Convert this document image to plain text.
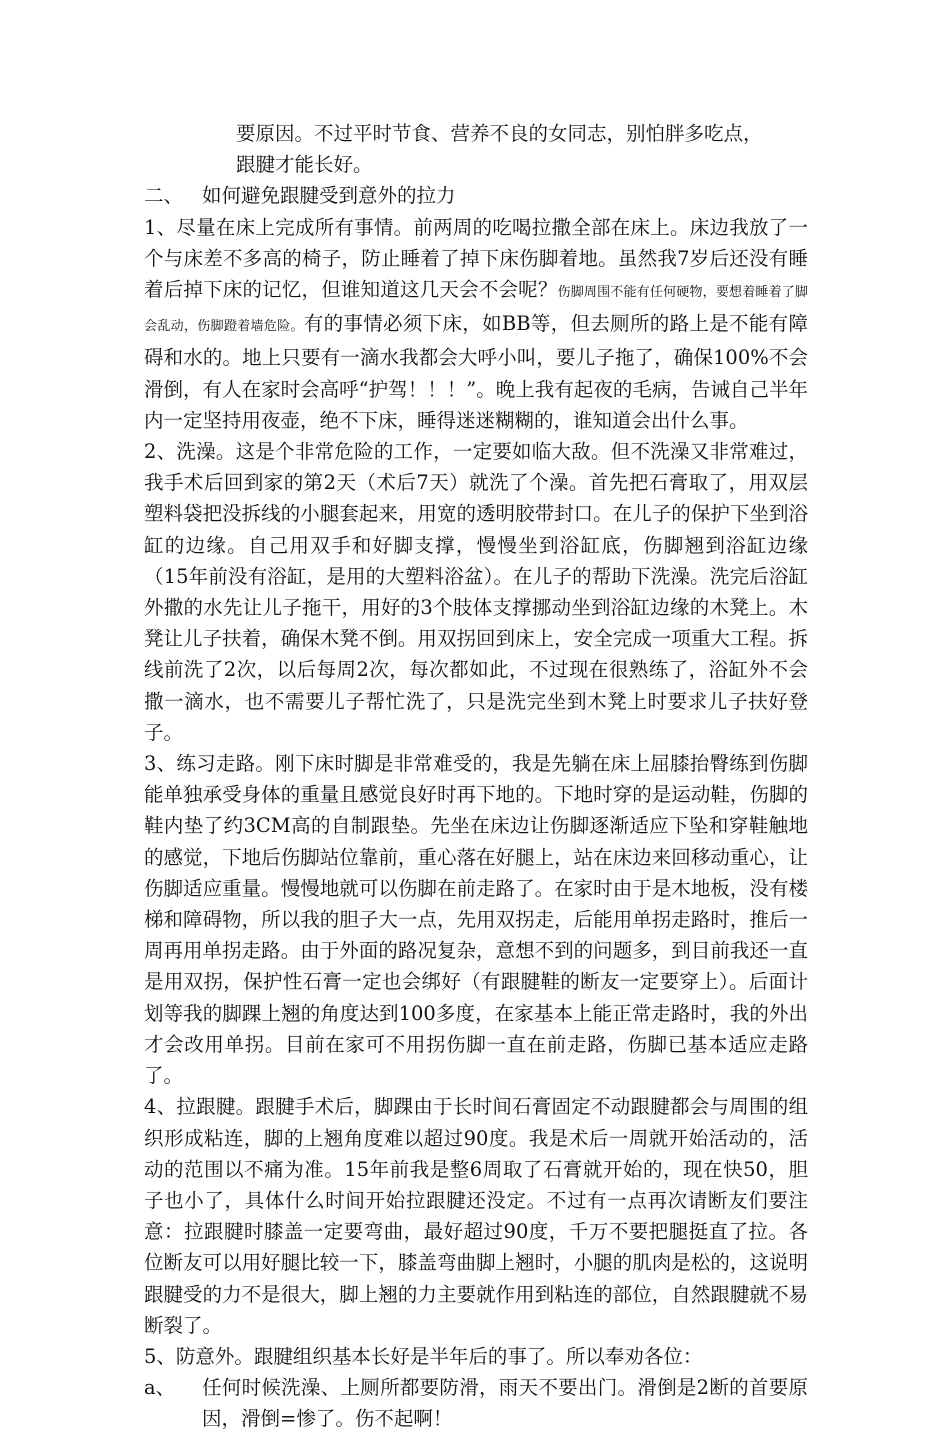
要原因。不过平时节食、营养不良的女同志，别怕胖多吃点，

跟腱才能长好。

二、 如何避免跟腱受到意外的拉力

1、尽量在床上完成所有事情。前两周的吃喝拉撒全部在床上。床边我放了一个与床差不多高的椅子，防止睡着了掉下床伤脚着地。虽然我7岁后还没有睡着后掉下床的记忆，但谁知道这几天会不会呢？伤脚周围不能有任何硬物，要想着睡着了脚会乱动，伤脚蹬着墙危险。有的事情必须下床，如BB等，但去厕所的路上是不能有障碍和水的。地上只要有一滴水我都会大呼小叫，要儿子拖了，确保100%不会滑倒，有人在家时会高呼“护驾！！！”。晚上我有起夜的毛病，告诫自己半年内一定坚持用夜壶，绝不下床，睡得迷迷糊糊的，谁知道会出什么事。

2、洗澡。这是个非常危险的工作，一定要如临大敌。但不洗澡又非常难过，我手术后回到家的第2天（术后7天）就洗了个澡。首先把石膏取了，用双层塑料袋把没拆线的小腿套起来，用宽的透明胶带封口。在儿子的保护下坐到浴缸的边缘。自己用双手和好脚支撑，慢慢坐到浴缸底，伤脚翘到浴缸边缘（15年前没有浴缸，是用的大塑料浴盆）。在儿子的帮助下洗澡。洗完后浴缸外撒的水先让儿子拖干，用好的3个肢体支撑挪动坐到浴缸边缘的木凳上。木凳让儿子扶着，确保木凳不倒。用双拐回到床上，安全完成一项重大工程。拆线前洗了2次，以后每周2次，每次都如此，不过现在很熟练了，浴缸外不会撒一滴水，也不需要儿子帮忙洗了，只是洗完坐到木凳上时要求儿子扶好登子。

3、练习走路。刚下床时脚是非常难受的，我是先躺在床上屈膝抬臀练到伤脚能单独承受身体的重量且感觉良好时再下地的。下地时穿的是运动鞋，伤脚的鞋内垫了约3CM高的自制跟垫。先坐在床边让伤脚逐渐适应下坠和穿鞋触地的感觉，下地后伤脚站位靠前，重心落在好腿上，站在床边来回移动重心，让伤脚适应重量。慢慢地就可以伤脚在前走路了。在家时由于是木地板，没有楼梯和障碍物，所以我的胆子大一点，先用双拐走，后能用单拐走路时，推后一周再用单拐走路。由于外面的路况复杂，意想不到的问题多，到目前我还一直是用双拐，保护性石膏一定也会绑好（有跟腱鞋的断友一定要穿上）。后面计划等我的脚踝上翘的角度达到100多度，在家基本上能正常走路时，我的外出才会改用单拐。目前在家可不用拐伤脚一直在前走路，伤脚已基本适应走路了。

4、拉跟腱。跟腱手术后，脚踝由于长时间石膏固定不动跟腱都会与周围的组织形成粘连，脚的上翘角度难以超过90度。我是术后一周就开始活动的，活动的范围以不痛为准。15年前我是整6周取了石膏就开始的，现在快50，胆子也小了，具体什么时间开始拉跟腱还没定。不过有一点再次请断友们要注意：拉跟腱时膝盖一定要弯曲，最好超过90度，千万不要把腿挺直了拉。各位断友可以用好腿比较一下，膝盖弯曲脚上翘时，小腿的肌肉是松的，这说明跟腱受的力不是很大，脚上翘的力主要就作用到粘连的部位，自然跟腱就不易断裂了。

5、防意外。跟腱组织基本长好是半年后的事了。所以奉劝各位：

a、	任何时候洗澡、上厕所都要防滑，雨天不要出门。滑倒是2断的首要原因，滑倒=惨了。伤不起啊！
